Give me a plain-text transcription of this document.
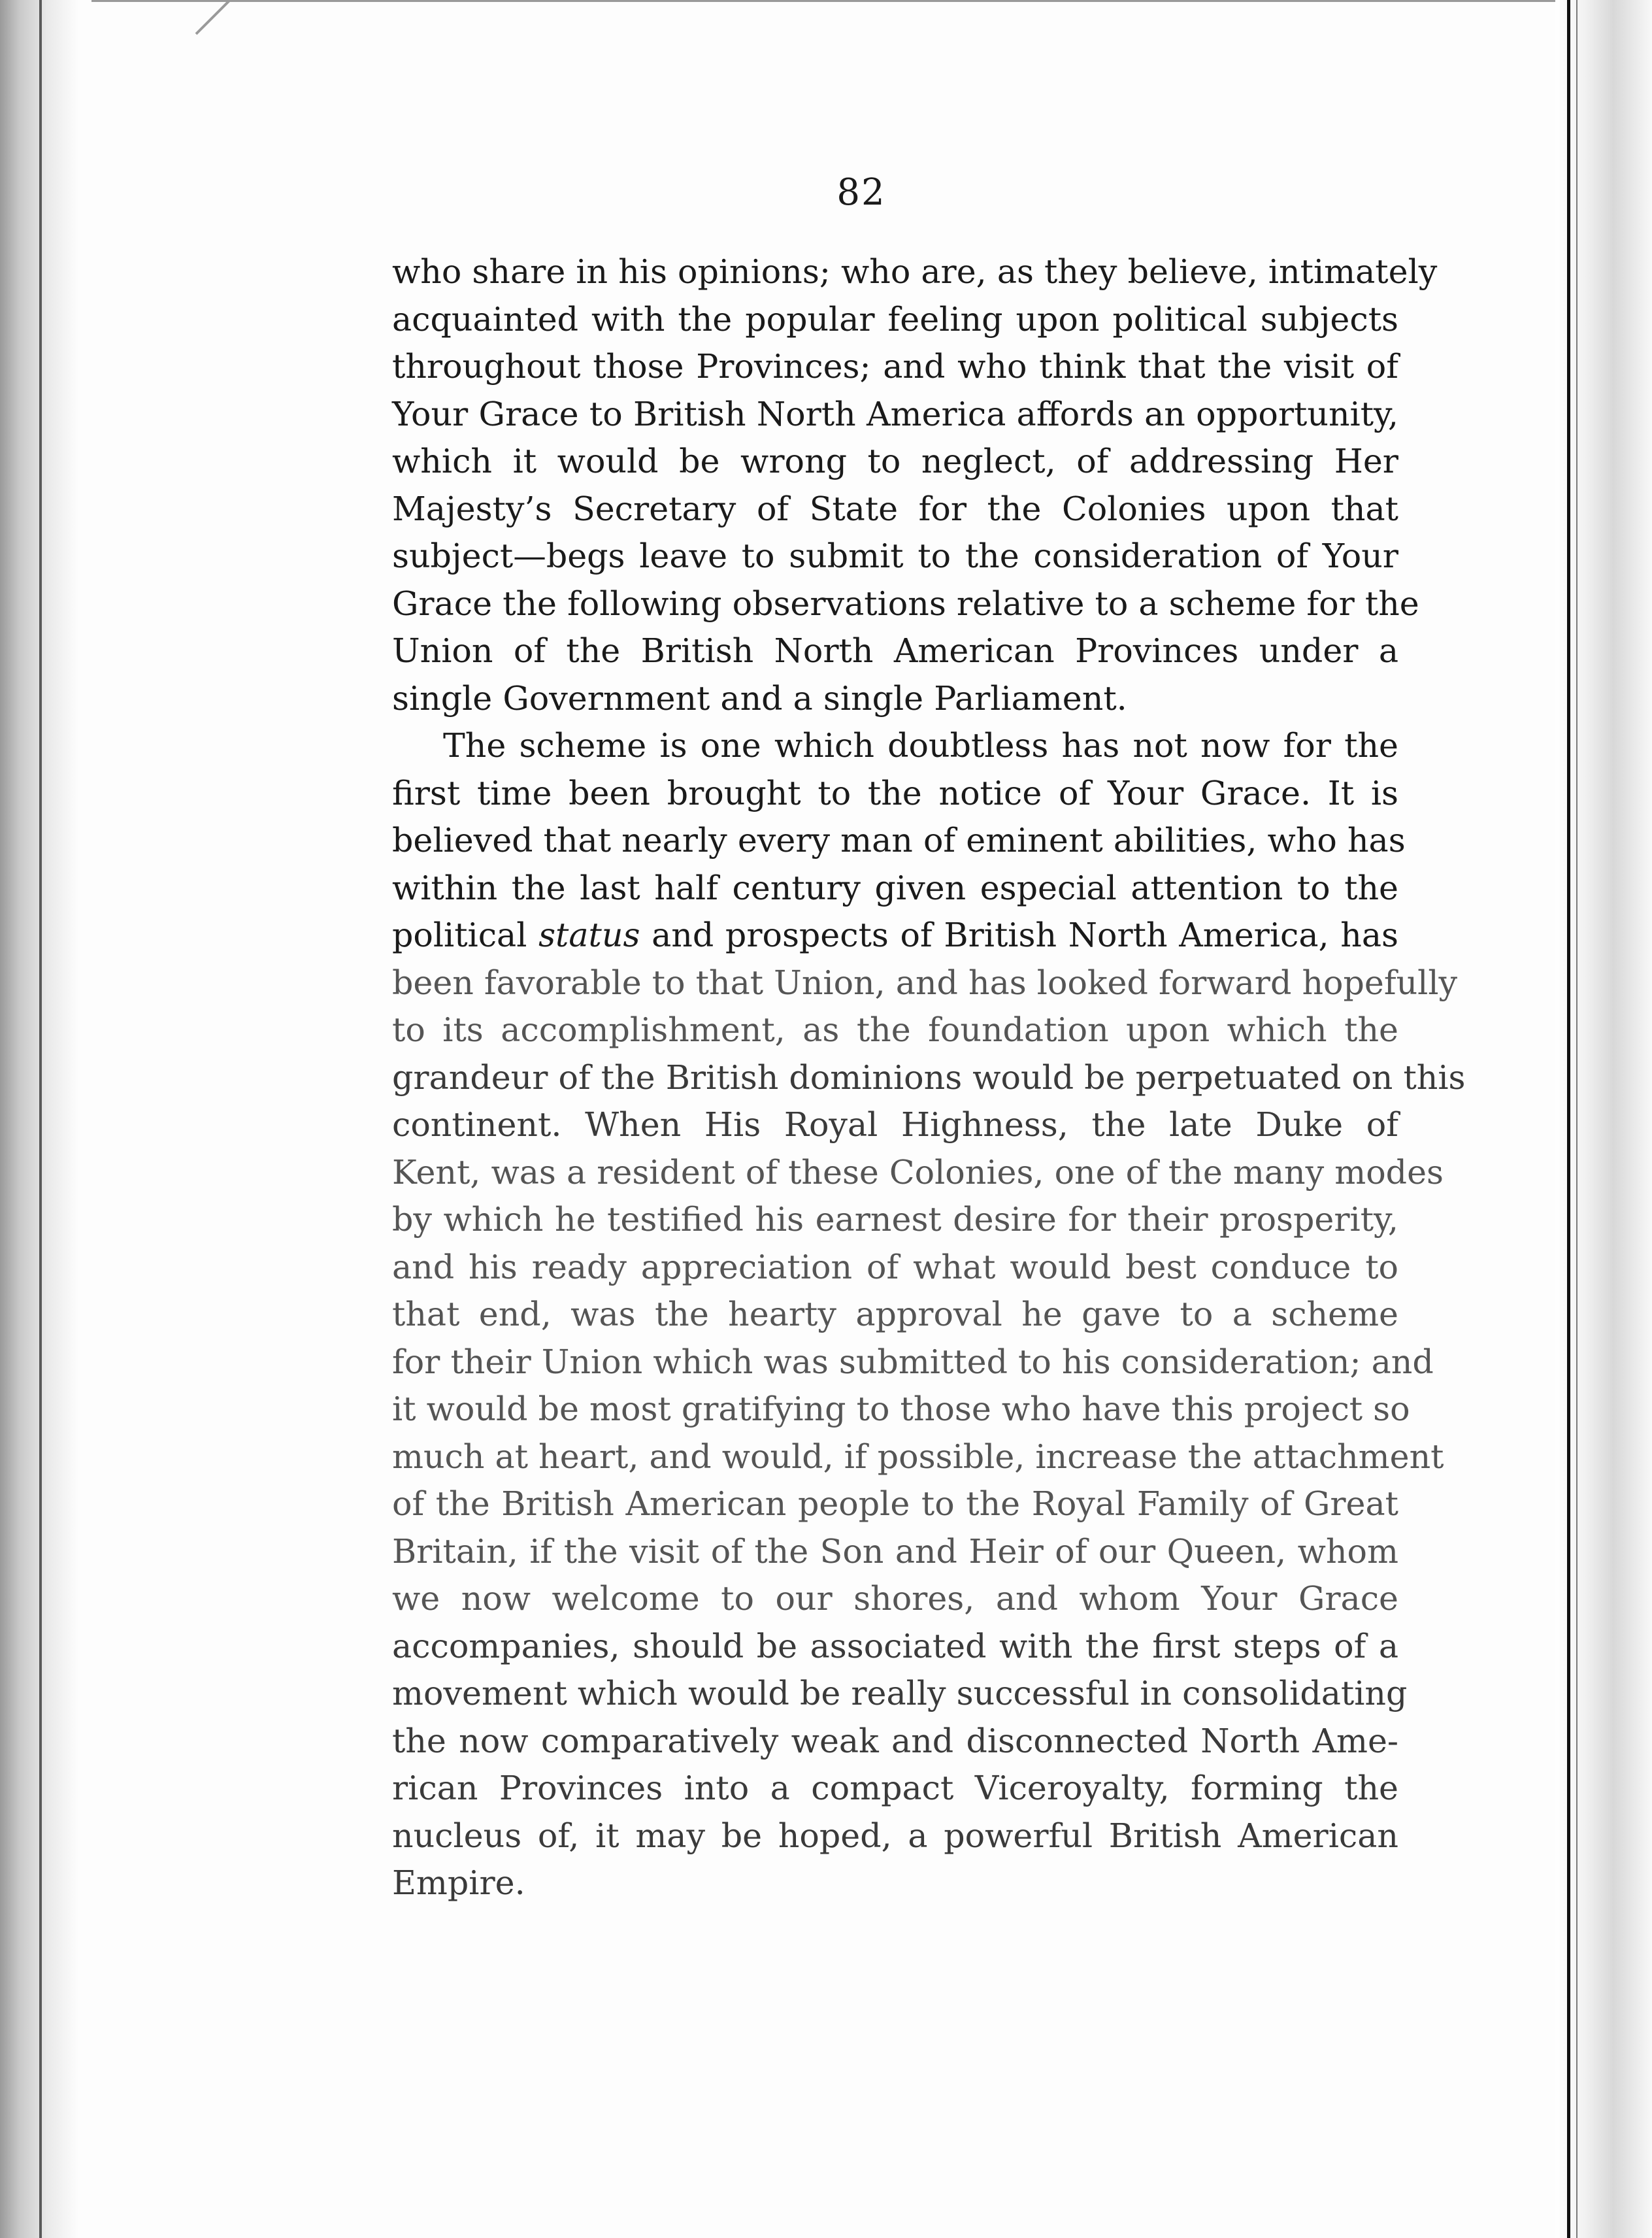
82

who share in his opinions; who are, as they believe, intimately
acquainted with the popular feeling upon political subjects
throughout those Provinces; and who think that the visit of
Your Grace to British North America affords an opportunity,
which it would be wrong to neglect, of addressing Her
Majesty’s Secretary of State for the Colonies upon that
subject—begs leave to submit to the consideration of Your
Grace the following observations relative to a scheme for the
Union of the British North American Provinces under a
single Government and a single Parliament.

The scheme is one which doubtless has not now for the
first time been brought to the notice of Your Grace. It is
believed that nearly every man of eminent abilities, who has
within the last half century given especial attention to the
political status and prospects of British North America, has
been favorable to that Union, and has looked forward hopefully
to its accomplishment, as the foundation upon which the
grandeur of the British dominions would be perpetuated on this
continent. When His Royal Highness, the late Duke of
Kent, was a resident of these Colonies, one of the many modes
by which he testified his earnest desire for their prosperity,
and his ready appreciation of what would best conduce to
that end, was the hearty approval he gave to a scheme
for their Union which was submitted to his consideration; and
it would be most gratifying to those who have this project so
much at heart, and would, if possible, increase the attachment
of the British American people to the Royal Family of Great
Britain, if the visit of the Son and Heir of our Queen, whom
we now welcome to our shores, and whom Your Grace
accompanies, should be associated with the first steps of a
movement which would be really successful in consolidating
the now comparatively weak and disconnected North Ame-
rican Provinces into a compact Viceroyalty, forming the
nucleus of, it may be hoped, a powerful British American
Empire.
